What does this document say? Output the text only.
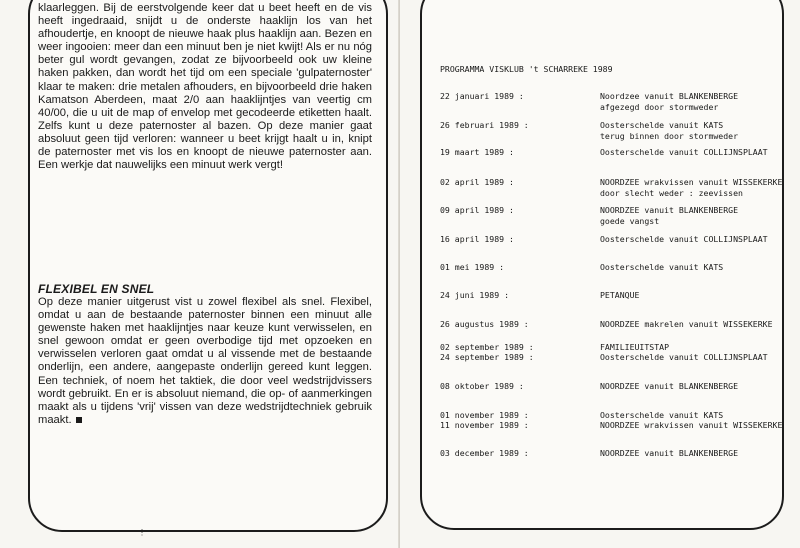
klaarleggen. Bij de eerstvolgende keer dat u beet heeft en de vis heeft ingedraaid, snijdt u de onderste haaklijn los van het afhoudertje, en knoopt de nieuwe haak plus haaklijn aan. Bezen en weer ingooien: meer dan een minuut ben je niet kwijt! Als er nu nóg beter gul wordt gevangen, zodat ze bijvoorbeeld ook uw kleine haken pakken, dan wordt het tijd om een speciale 'gulpaternoster' klaar te maken: drie metalen afhouders, en bijvoorbeeld drie haken Kamatson Aberdeen, maat 2/0 aan haaklijntjes van veertig cm 40/00, die u uit de map of envelop met gecodeerde etiketten haalt. Zelfs kunt u deze paternoster al bazen. Op deze manier gaat absoluut geen tijd verloren: wanneer u beet krijgt haalt u in, knipt de paternoster met vis los en knoopt de nieuwe paternoster aan. Een werkje dat nauwelijks een minuut werk vergt!

FLEXIBEL EN SNEL

Op deze manier uitgerust vist u zowel flexibel als snel. Flexibel, omdat u aan de bestaande paternoster binnen een minuut alle gewenste haken met haaklijntjes naar keuze kunt verwisselen, en snel gewoon omdat er geen overbodige tijd met opzoeken en verwisselen verloren gaat omdat u al vissende met de bestaande onderlijn, een andere, aangepaste onderlijn gereed kunt leggen. Een techniek, of noem het taktiek, die door veel wedstrijdvissers wordt gebruikt. En er is absoluut niemand, die op- of aanmerkingen maakt als u tijdens 'vrij' vissen van deze wedstrijdtechniek gebruik maakt.

⋮
PROGRAMMA VISKLUB 't SCHARREKE 1989
22 januari 1989 :	Noordzee vanuit BLANKENBERGE
afgezegd door stormweder
26 februari 1989 :	Oosterschelde vanuit KATS
terug binnen door stormweder
19 maart 1989 :	Oosterschelde vanuit COLLIJNSPLAAT
02 april 1989 :	NOORDZEE wrakvissen vanuit WISSEKERKE
door slecht weder : zeevissen
09 april 1989 :	NOORDZEE vanuit BLANKENBERGE
goede vangst
16 april 1989 :	Oosterschelde vanuit COLLIJNSPLAAT
01 mei 1989 :	Oosterschelde vanuit KATS
24 juni 1989 :	PETANQUE
26 augustus 1989 :	NOORDZEE makrelen vanuit WISSEKERKE
02 september 1989 :	FAMILIEUITSTAP
24 september 1989 :	Oosterschelde vanuit COLLIJNSPLAAT
08 oktober 1989 :	NOORDZEE vanuit BLANKENBERGE
01 november 1989 :	Oosterschelde vanuit KATS
11 november 1989 :	NOORDZEE wrakvissen vanuit WISSEKERKE
03 december 1989 :	NOORDZEE vanuit BLANKENBERGE
